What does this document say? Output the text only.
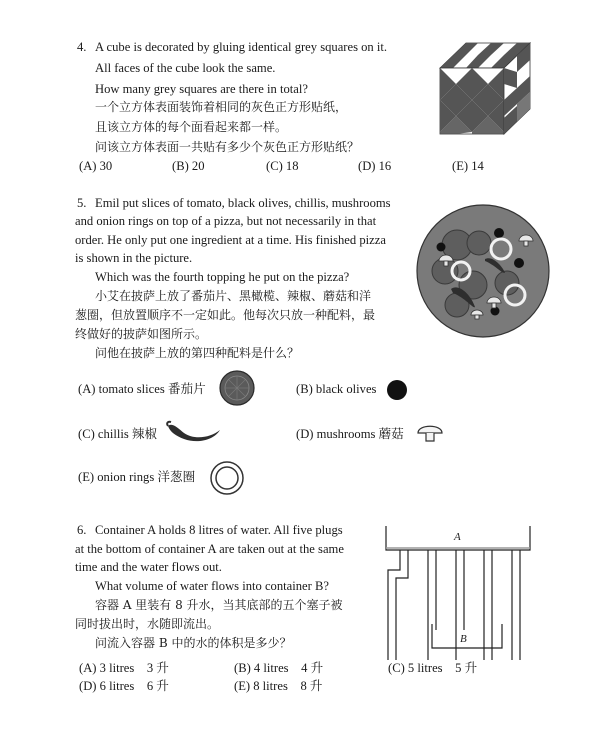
4. A cube is decorated by gluing identical grey squares on it.
All faces of the cube look the same.
How many grey squares are there in total?
一个立方体表面装饰着相同的灰色正方形贴纸，
且该立方体的每个面看起来都一样。
问该立方体表面一共贴有多少个灰色正方形贴纸？
(A) 30	(B) 20	(C) 18	(D) 16	(E) 14
5. Emil put slices of tomato, black olives, chillis, mushrooms
and onion rings on top of a pizza, but not necessarily in that
order. He only put one ingredient at a time. His finished pizza
is shown in the picture.
Which was the fourth topping he put on the pizza?
小艾在披萨上放了番茄片、黑橄榄、辣椒、蘑菇和洋
葱圈，但放置顺序不一定如此。他每次只放一种配料，最
终做好的披萨如图所示。
问他在披萨上放的第四种配料是什么？
(A) tomato slices 番茄片	(B) black olives
(C) chillis 辣椒	(D) mushrooms 蘑菇
(E) onion rings 洋葱圈
6. Container A holds 8 litres of water. All five plugs
at the bottom of container A are taken out at the same
time and the water flows out.
What volume of water flows into container B?
容器 A 里装有 8 升水，当其底部的五个塞子被
同时拔出时，水随即流出。
问流入容器 B 中的水的体积是多少？
A
B
(A) 3 litres　3 升	(B) 4 litres　4 升	(C) 5 litres　5 升
(D) 6 litres　6 升	(E) 8 litres　8 升
